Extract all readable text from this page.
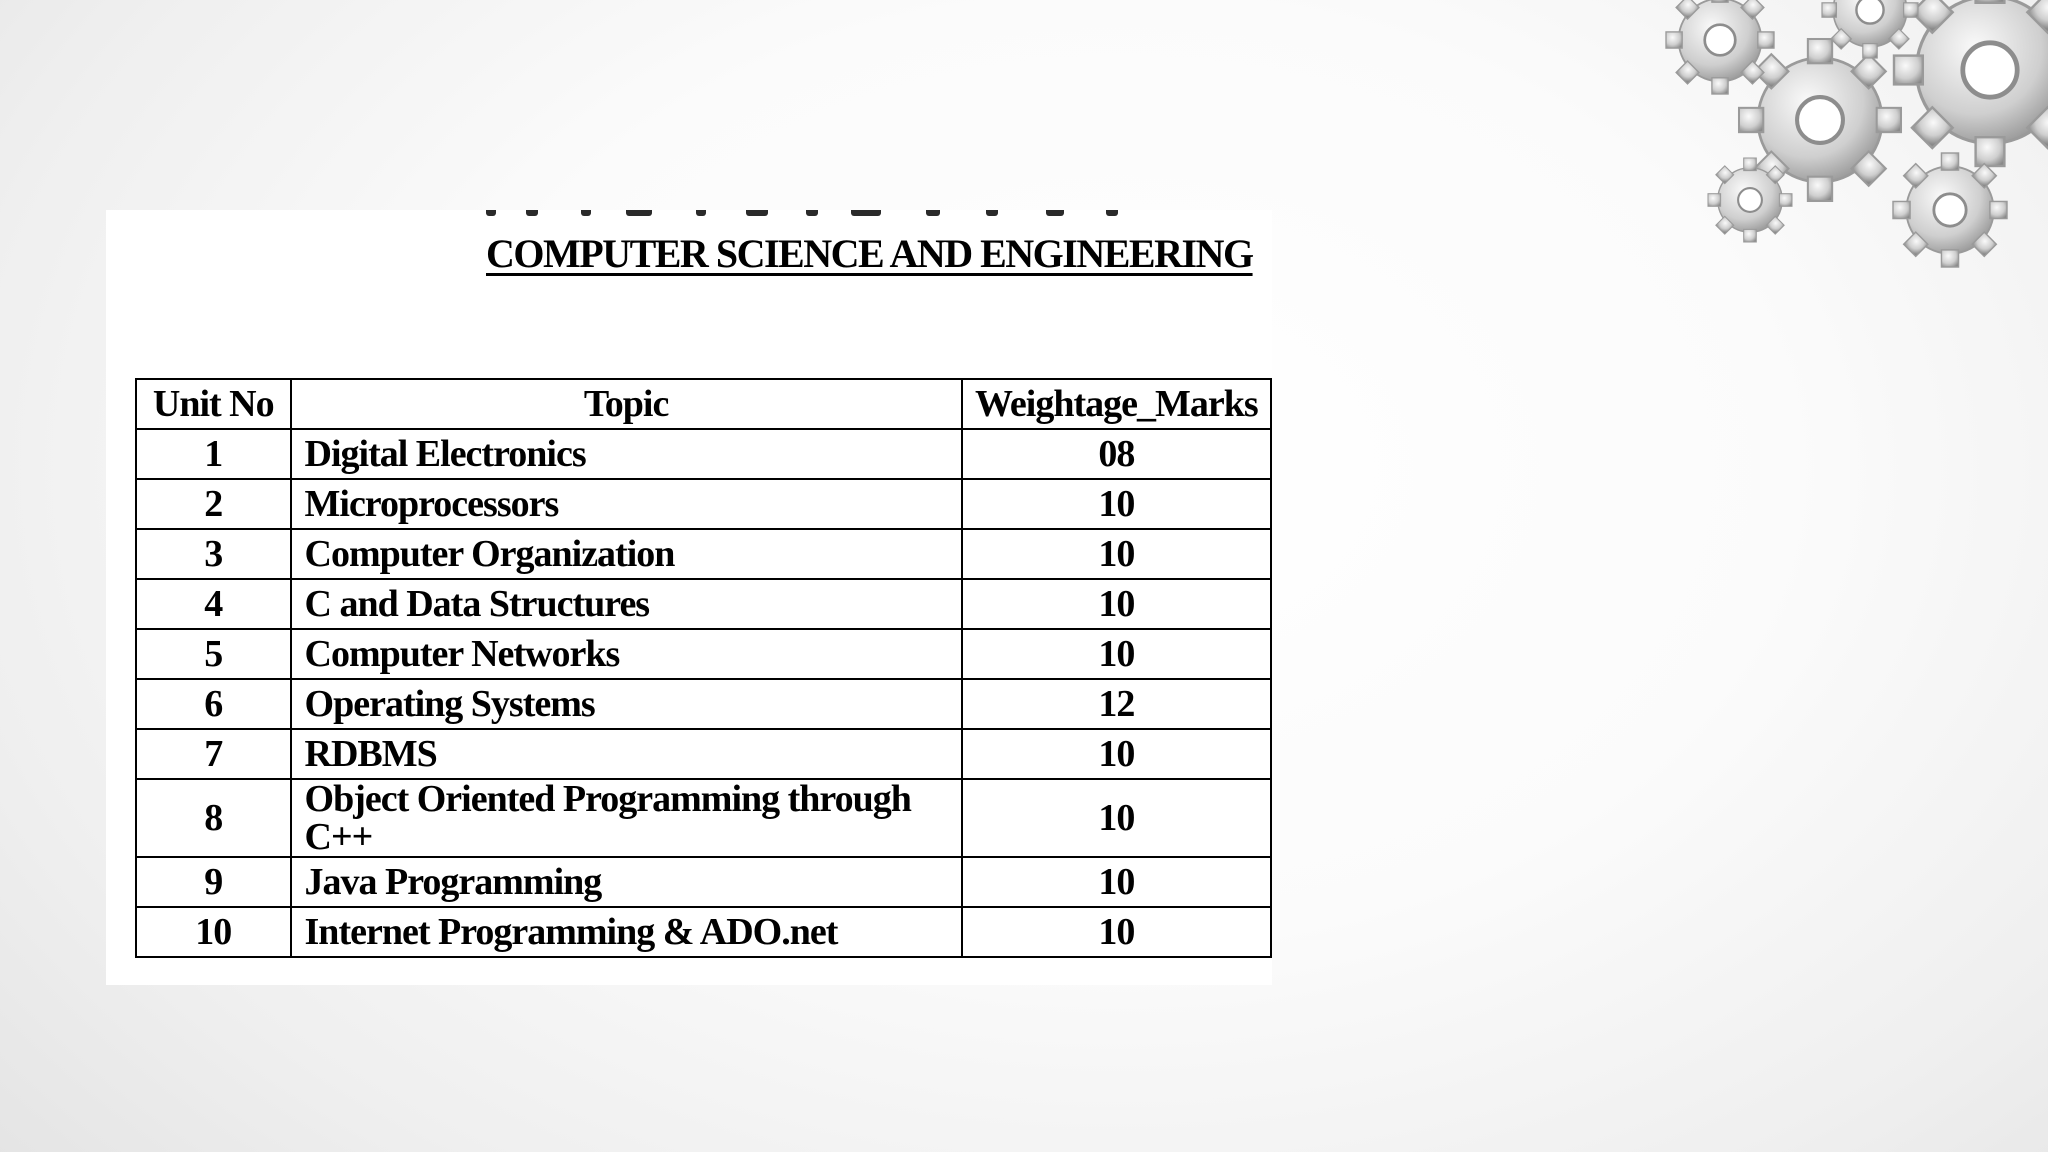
COMPUTER SCIENCE AND ENGINEERING
Unit No	Topic	Weightage_Marks
1	Digital Electronics	08
2	Microprocessors	10
3	Computer Organization	10
4	C and Data Structures	10
5	Computer Networks	10
6	Operating Systems	12
7	RDBMS	10
8	Object Oriented Programming throughC++	10
9	Java Programming	10
10	Internet Programming & ADO.net	10
